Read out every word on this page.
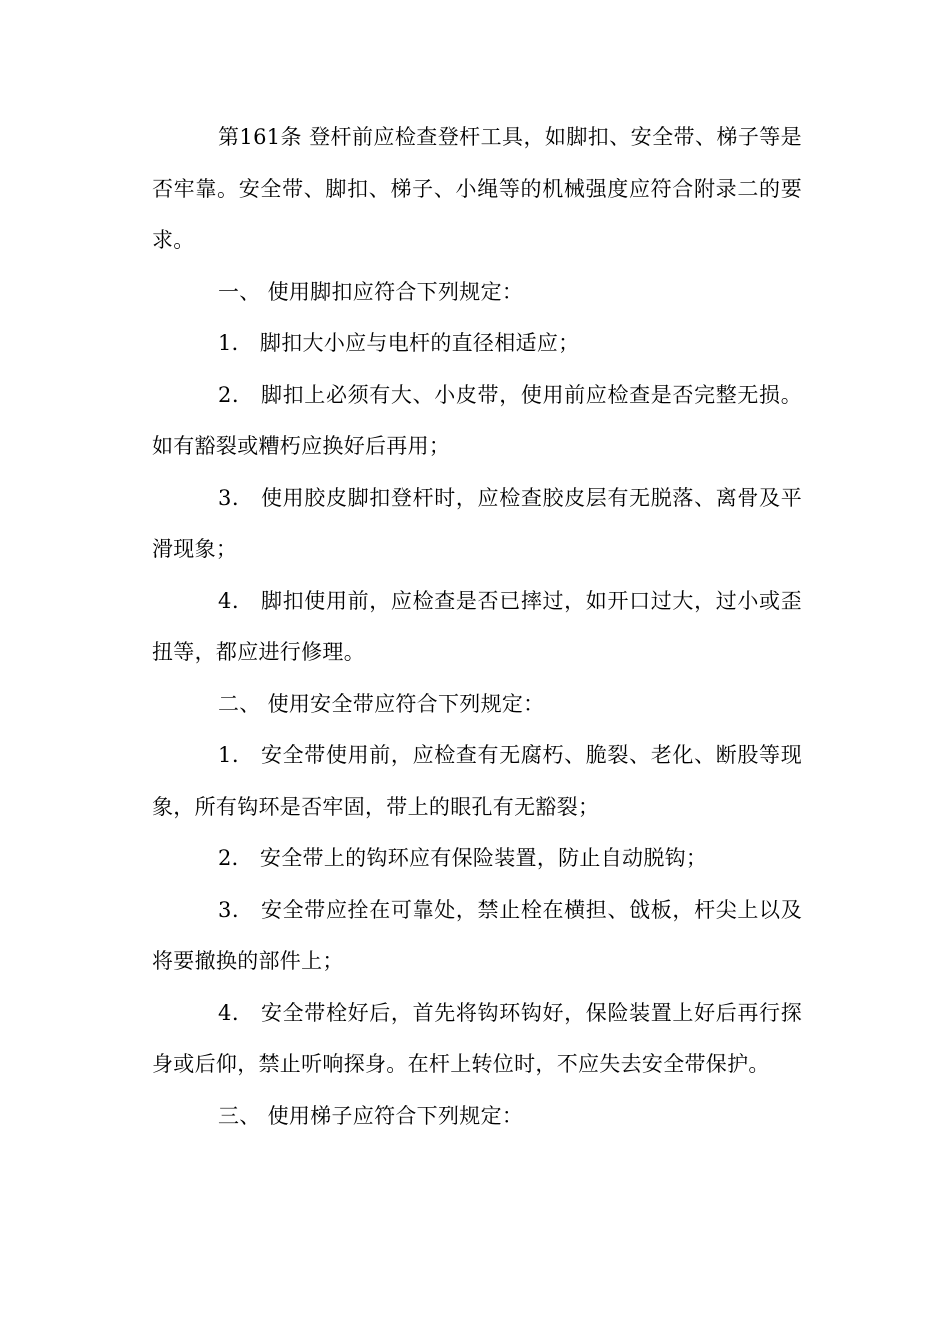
第161条 登杆前应检查登杆工具，如脚扣、安全带、梯子等是否牢靠。安全带、脚扣、梯子、小绳等的机械强度应符合附录二的要求。

一、 使用脚扣应符合下列规定：

1． 脚扣大小应与电杆的直径相适应；

2． 脚扣上必须有大、小皮带，使用前应检查是否完整无损。如有豁裂或糟朽应换好后再用；

3． 使用胶皮脚扣登杆时，应检查胶皮层有无脱落、离骨及平滑现象；

4． 脚扣使用前，应检查是否已摔过，如开口过大，过小或歪扭等，都应进行修理。

二、 使用安全带应符合下列规定：

1． 安全带使用前，应检查有无腐朽、脆裂、老化、断股等现象，所有钩环是否牢固，带上的眼孔有无豁裂；

2． 安全带上的钩环应有保险装置，防止自动脱钩；

3． 安全带应拴在可靠处，禁止栓在横担、戗板，杆尖上以及将要撤换的部件上；

4． 安全带栓好后，首先将钩环钩好，保险装置上好后再行探身或后仰，禁止听响探身。在杆上转位时，不应失去安全带保护。

三、 使用梯子应符合下列规定：
